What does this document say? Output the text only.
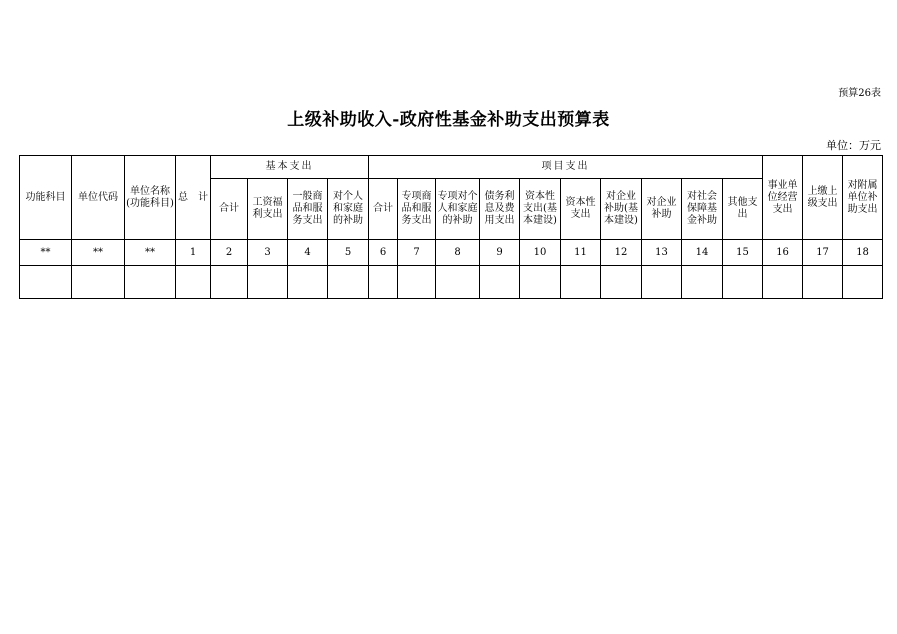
预算26表
上级补助收入-政府性基金补助支出预算表
单位：万元
功能科目	单位代码	单位名称(功能科目)	总　计	基本支出				项目支出										事业单位经营支出	上缴上级支出	对附属单位补助支出
				合计	工资福利支出	一般商品和服务支出	对个人和家庭的补助	合计	专项商品和服务支出	专项对个人和家庭的补助	债务利息及费用支出	资本性支出(基本建设)	资本性支出	对企业补助(基本建设)	对企业补助	对社会保障基金补助	其他支出			
**	**	**	1	2	3	4	5	6	7	8	9	10	11	12	13	14	15	16	17	18
